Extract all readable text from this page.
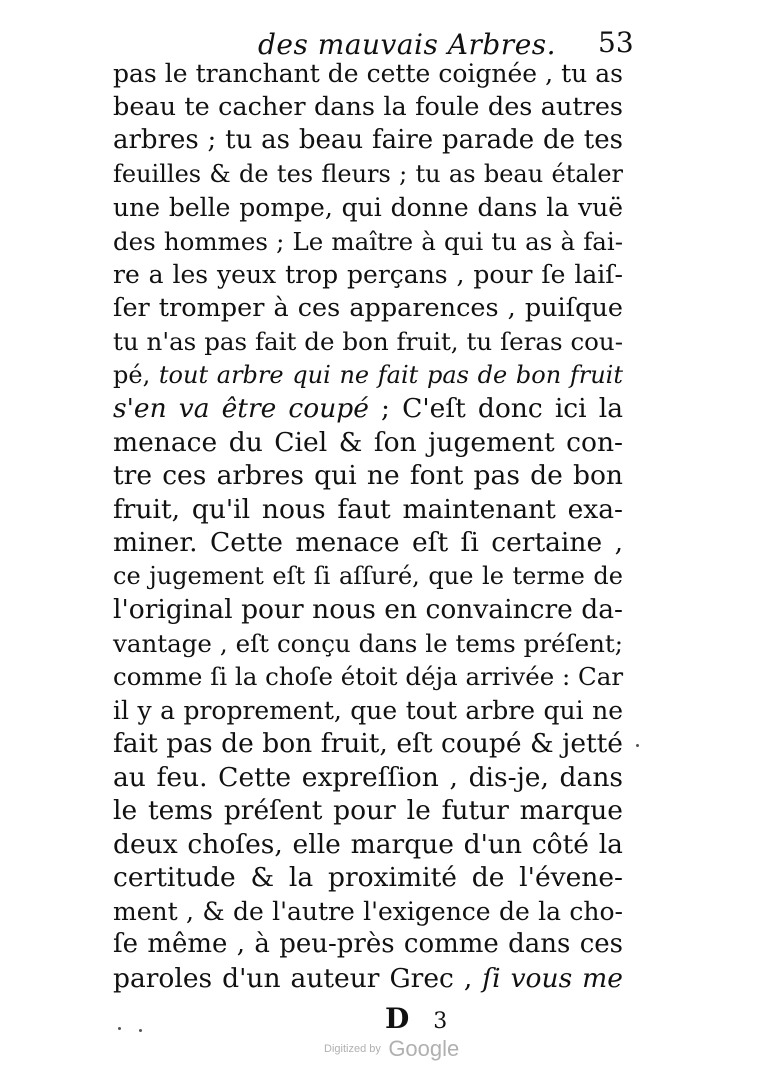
des mauvais Arbres. 53
pas le tranchant de cette coignée , tu as
beau te cacher dans la foule des autres
arbres ; tu as beau faire parade de tes
feuilles & de tes fleurs ; tu as beau étaler
une belle pompe, qui donne dans la vuë
des hommes ; Le maître à qui tu as à fai-
re a les yeux trop perçans , pour ſe laiſ-
ſer tromper à ces apparences , puiſque
tu n'as pas fait de bon fruit, tu ſeras cou-
pé, tout arbre qui ne fait pas de bon fruit
s'en va être coupé ; C'eſt donc ici la
menace du Ciel & ſon jugement con-
tre ces arbres qui ne font pas de bon
fruit, qu'il nous faut maintenant exa-
miner. Cette menace eſt ſi certaine ,
ce jugement eſt ſi aſſuré, que le terme de
l'original pour nous en convaincre da-
vantage , eſt conçu dans le tems préſent;
comme ſi la choſe étoit déja arrivée : Car
il y a proprement, que tout arbre qui ne
fait pas de bon fruit, eſt coupé & jetté
au feu. Cette expreſſion , dis-je, dans
le tems préſent pour le futur marque
deux choſes, elle marque d'un côté la
certitude & la proximité de l'évene-
ment , & de l'autre l'exigence de la cho-
ſe même , à peu-près comme dans ces
paroles d'un auteur Grec , ſi vous me
D 3
Digitized by Google
